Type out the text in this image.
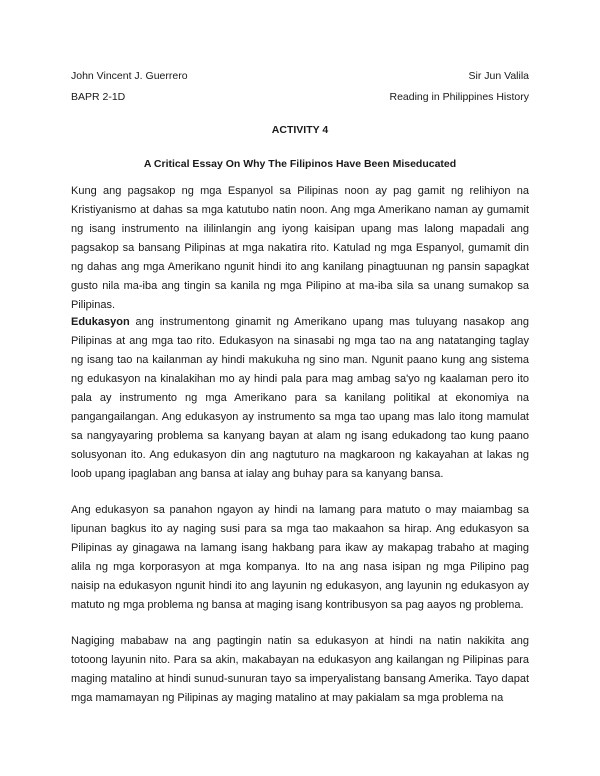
John Vincent J. Guerrero	Sir Jun Valila
BAPR 2-1D	Reading in Philippines History
ACTIVITY 4
A Critical Essay On Why The Filipinos Have Been Miseducated

Kung ang pagsakop ng mga Espanyol sa Pilipinas noon ay pag gamit ng relihiyon na Kristiyanismo at dahas sa mga katutubo natin noon. Ang mga Amerikano naman ay gumamit ng isang instrumento na ililinlangin ang iyong kaisipan upang mas lalong mapadali ang pagsakop sa bansang Pilipinas at mga nakatira rito. Katulad ng mga Espanyol, gumamit din ng dahas ang mga Amerikano ngunit hindi ito ang kanilang pinagtuunan ng pansin sapagkat gusto nila ma-iba ang tingin sa kanila ng mga Pilipino at ma-iba sila sa unang sumakop sa Pilipinas.

Edukasyon ang instrumentong ginamit ng Amerikano upang mas tuluyang nasakop ang Pilipinas at ang mga tao rito. Edukasyon na sinasabi ng mga tao na ang natatanging taglay ng isang tao na kailanman ay hindi makukuha ng sino man. Ngunit paano kung ang sistema ng edukasyon na kinalakihan mo ay hindi pala para mag ambag sa'yo ng kaalaman pero ito pala ay instrumento ng mga Amerikano para sa kanilang politikal at ekonomiya na pangangailangan. Ang edukasyon ay instrumento sa mga tao upang mas lalo itong mamulat sa nangyayaring problema sa kanyang bayan at alam ng isang edukadong tao kung paano solusyonan ito. Ang edukasyon din ang nagtuturo na magkaroon ng kakayahan at lakas ng loob upang ipaglaban ang bansa at ialay ang buhay para sa kanyang bansa.

Ang edukasyon sa panahon ngayon ay hindi na lamang para matuto o may maiambag sa lipunan bagkus ito ay naging susi para sa mga tao makaahon sa hirap. Ang edukasyon sa Pilipinas ay ginagawa na lamang isang hakbang para ikaw ay makapag trabaho at maging alila ng mga korporasyon at mga kompanya. Ito na ang nasa isipan ng mga Pilipino pag naisip na edukasyon ngunit hindi ito ang layunin ng edukasyon, ang layunin ng edukasyon ay matuto ng mga problema ng bansa at maging isang kontribusyon sa pag aayos ng problema.

Nagiging mababaw na ang pagtingin natin sa edukasyon at hindi na natin nakikita ang totoong layunin nito. Para sa akin, makabayan na edukasyon ang kailangan ng Pilipinas para maging matalino at hindi sunud-sunuran tayo sa imperyalistang bansang Amerika. Tayo dapat mga mamamayan ng Pilipinas ay maging matalino at may pakialam sa mga problema na
